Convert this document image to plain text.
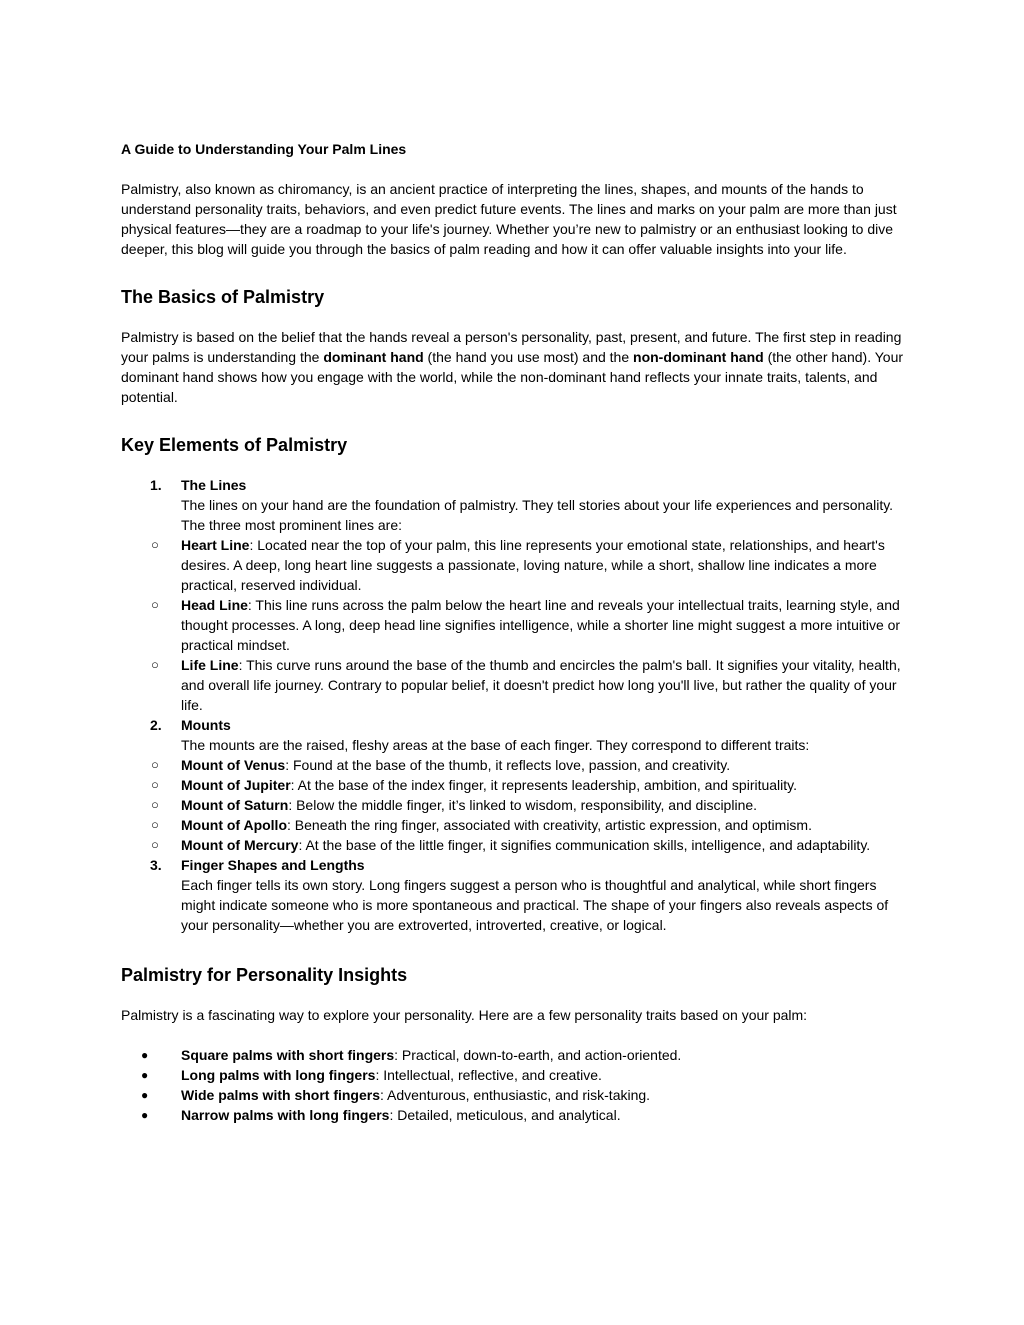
A Guide to Understanding Your Palm Lines

Palmistry, also known as chiromancy, is an ancient practice of interpreting the lines, shapes, and mounts of the hands to understand personality traits, behaviors, and even predict future events. The lines and marks on your palm are more than just physical features—they are a roadmap to your life's journey. Whether you’re new to palmistry or an enthusiast looking to dive deeper, this blog will guide you through the basics of palm reading and how it can offer valuable insights into your life.

The Basics of Palmistry

Palmistry is based on the belief that the hands reveal a person's personality, past, present, and future. The first step in reading your palms is understanding the dominant hand (the hand you use most) and the non-dominant hand (the other hand). Your dominant hand shows how you engage with the world, while the non-dominant hand reflects your innate traits, talents, and potential.

Key Elements of Palmistry
1. The Lines
The lines on your hand are the foundation of palmistry. They tell stories about your life experiences and personality. The three most prominent lines are:
○ Heart Line: Located near the top of your palm, this line represents your emotional state, relationships, and heart's desires. A deep, long heart line suggests a passionate, loving nature, while a short, shallow line indicates a more practical, reserved individual.
○ Head Line: This line runs across the palm below the heart line and reveals your intellectual traits, learning style, and thought processes. A long, deep head line signifies intelligence, while a shorter line might suggest a more intuitive or practical mindset.
○ Life Line: This curve runs around the base of the thumb and encircles the palm's ball. It signifies your vitality, health, and overall life journey. Contrary to popular belief, it doesn't predict how long you'll live, but rather the quality of your life.
2. Mounts
The mounts are the raised, fleshy areas at the base of each finger. They correspond to different traits:
○ Mount of Venus: Found at the base of the thumb, it reflects love, passion, and creativity.
○ Mount of Jupiter: At the base of the index finger, it represents leadership, ambition, and spirituality.
○ Mount of Saturn: Below the middle finger, it’s linked to wisdom, responsibility, and discipline.
○ Mount of Apollo: Beneath the ring finger, associated with creativity, artistic expression, and optimism.
○ Mount of Mercury: At the base of the little finger, it signifies communication skills, intelligence, and adaptability.
3. Finger Shapes and Lengths
Each finger tells its own story. Long fingers suggest a person who is thoughtful and analytical, while short fingers might indicate someone who is more spontaneous and practical. The shape of your fingers also reveals aspects of your personality—whether you are extroverted, introverted, creative, or logical.
Palmistry for Personality Insights

Palmistry is a fascinating way to explore your personality. Here are a few personality traits based on your palm:

● Square palms with short fingers: Practical, down-to-earth, and action-oriented.
● Long palms with long fingers: Intellectual, reflective, and creative.
● Wide palms with short fingers: Adventurous, enthusiastic, and risk-taking.
● Narrow palms with long fingers: Detailed, meticulous, and analytical.
